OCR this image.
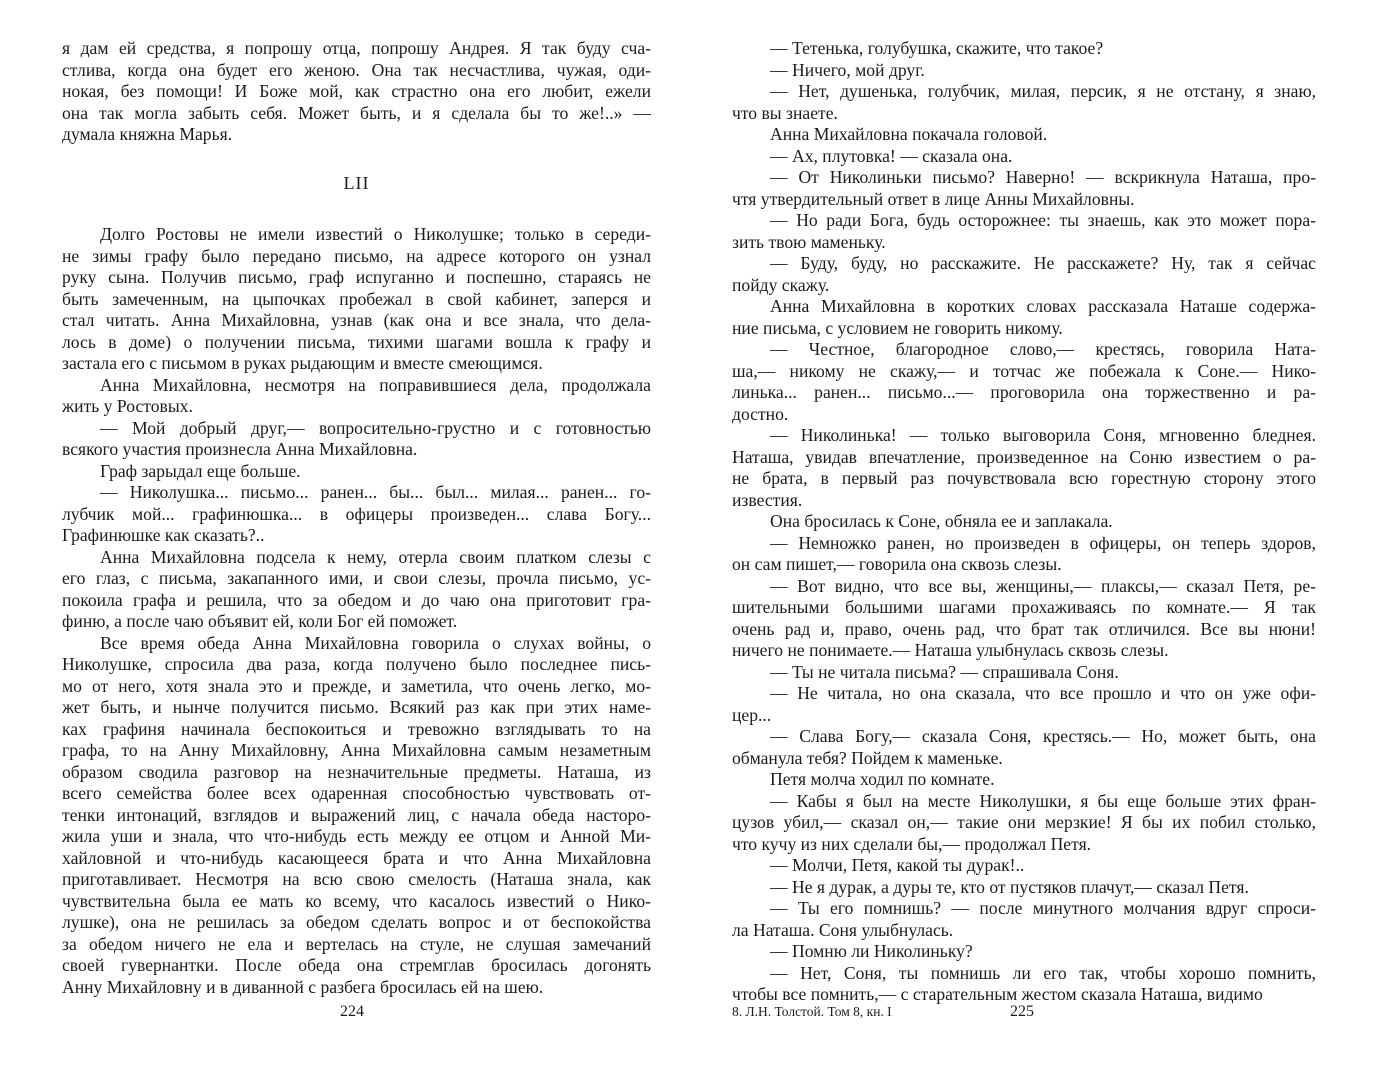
я дам ей средства, я попрошу отца, попрошу Андрея. Я так буду сча-
стлива, когда она будет его женою. Она так несчастлива, чужая, оди-
нокая, без помощи! И Боже мой, как страстно она его любит, ежели
она так могла забыть себя. Может быть, и я сделала бы то же!..» —
думала княжна Марья.
LII
Долго Ростовы не имели известий о Николушке; только в середи-
не зимы графу было передано письмо, на адресе которого он узнал
руку сына. Получив письмо, граф испуганно и поспешно, стараясь не
быть замеченным, на цыпочках пробежал в свой кабинет, заперся и
стал читать. Анна Михайловна, узнав (как она и все знала, что дела-
лось в доме) о получении письма, тихими шагами вошла к графу и
застала его с письмом в руках рыдающим и вместе смеющимся.
Анна Михайловна, несмотря на поправившиеся дела, продолжала
жить у Ростовых.
— Мой добрый друг,— вопросительно-грустно и с готовностью
всякого участия произнесла Анна Михайловна.
Граф зарыдал еще больше.
— Николушка... письмо... ранен... бы... был... милая... ранен... го-
лубчик мой... графинюшка... в офицеры произведен... слава Богу...
Графинюшке как сказать?..
Анна Михайловна подсела к нему, отерла своим платком слезы с
его глаз, с письма, закапанного ими, и свои слезы, прочла письмо, ус-
покоила графа и решила, что за обедом и до чаю она приготовит гра-
финю, а после чаю объявит ей, коли Бог ей поможет.
Все время обеда Анна Михайловна говорила о слухах войны, о
Николушке, спросила два раза, когда получено было последнее пись-
мо от него, хотя знала это и прежде, и заметила, что очень легко, мо-
жет быть, и нынче получится письмо. Всякий раз как при этих наме-
ках графиня начинала беспокоиться и тревожно взглядывать то на
графа, то на Анну Михайловну, Анна Михайловна самым незаметным
образом сводила разговор на незначительные предметы. Наташа, из
всего семейства более всех одаренная способностью чувствовать от-
тенки интонаций, взглядов и выражений лиц, с начала обеда насторо-
жила уши и знала, что что-нибудь есть между ее отцом и Анной Ми-
хайловной и что-нибудь касающееся брата и что Анна Михайловна
приготавливает. Несмотря на всю свою смелость (Наташа знала, как
чувствительна была ее мать ко всему, что касалось известий о Нико-
лушке), она не решилась за обедом сделать вопрос и от беспокойства
за обедом ничего не ела и вертелась на стуле, не слушая замечаний
своей гувернантки. После обеда она стремглав бросилась догонять
Анну Михайловну и в диванной с разбега бросилась ей на шею.
— Тетенька, голубушка, скажите, что такое?
— Ничего, мой друг.
— Нет, душенька, голубчик, милая, персик, я не отстану, я знаю,
что вы знаете.
Анна Михайловна покачала головой.
— Ах, плутовка! — сказала она.
— От Николиньки письмо? Наверно! — вскрикнула Наташа, про-
чтя утвердительный ответ в лице Анны Михайловны.
— Но ради Бога, будь осторожнее: ты знаешь, как это может пора-
зить твою маменьку.
— Буду, буду, но расскажите. Не расскажете? Ну, так я сейчас
пойду скажу.
Анна Михайловна в коротких словах рассказала Наташе содержа-
ние письма, с условием не говорить никому.
— Честное, благородное слово,— крестясь, говорила Ната-
ша,— никому не скажу,— и тотчас же побежала к Соне.— Нико-
линька... ранен... письмо...— проговорила она торжественно и ра-
достно.
— Николинька! — только выговорила Соня, мгновенно бледнея.
Наташа, увидав впечатление, произведенное на Соню известием о ра-
не брата, в первый раз почувствовала всю горестную сторону этого
известия.
Она бросилась к Соне, обняла ее и заплакала.
— Немножко ранен, но произведен в офицеры, он теперь здоров,
он сам пишет,— говорила она сквозь слезы.
— Вот видно, что все вы, женщины,— плаксы,— сказал Петя, ре-
шительными большими шагами прохаживаясь по комнате.— Я так
очень рад и, право, очень рад, что брат так отличился. Все вы нюни!
ничего не понимаете.— Наташа улыбнулась сквозь слезы.
— Ты не читала письма? — спрашивала Соня.
— Не читала, но она сказала, что все прошло и что он уже офи-
цер...
— Слава Богу,— сказала Соня, крестясь.— Но, может быть, она
обманула тебя? Пойдем к маменьке.
Петя молча ходил по комнате.
— Кабы я был на месте Николушки, я бы еще больше этих фран-
цузов убил,— сказал он,— такие они мерзкие! Я бы их побил столько,
что кучу из них сделали бы,— продолжал Петя.
— Молчи, Петя, какой ты дурак!..
— Не я дурак, а дуры те, кто от пустяков плачут,— сказал Петя.
— Ты его помнишь? — после минутного молчания вдруг спроси-
ла Наташа. Соня улыбнулась.
— Помню ли Николиньку?
— Нет, Соня, ты помнишь ли его так, чтобы хорошо помнить,
чтобы все помнить,— с старательным жестом сказала Наташа, видимо
224	8. Л.Н. Толстой. Том 8, кн. I	225
